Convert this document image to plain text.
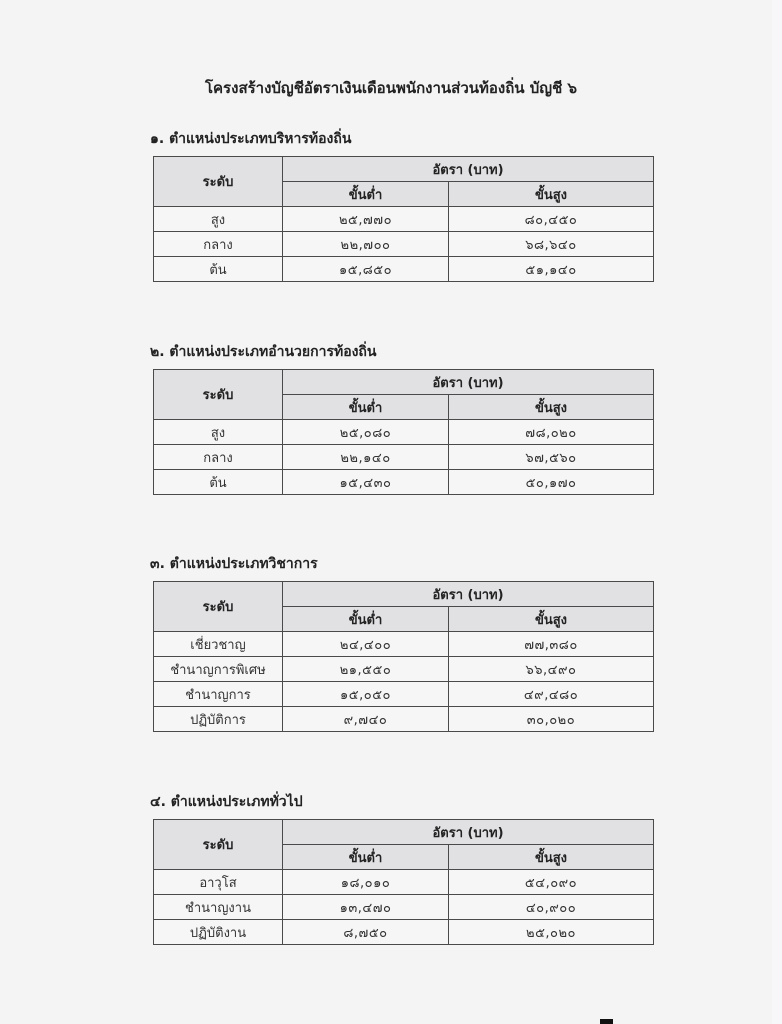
โครงสร้างบัญชีอัตราเงินเดือนพนักงานส่วนท้องถิ่น บัญชี ๖
๑. ตำแหน่งประเภทบริหารท้องถิ่น
ระดับ	อัตรา (บาท)	
	ขั้นต่ำ	ขั้นสูง
สูง	๒๕,๗๗๐	๘๐,๔๕๐
กลาง	๒๒,๗๐๐	๖๘,๖๔๐
ต้น	๑๕,๘๕๐	๕๑,๑๔๐
๒. ตำแหน่งประเภทอำนวยการท้องถิ่น
ระดับ	อัตรา (บาท)	
	ขั้นต่ำ	ขั้นสูง
สูง	๒๕,๐๘๐	๗๘,๐๒๐
กลาง	๒๒,๑๔๐	๖๗,๕๖๐
ต้น	๑๕,๔๓๐	๕๐,๑๗๐
๓. ตำแหน่งประเภทวิชาการ
ระดับ	อัตรา (บาท)	
	ขั้นต่ำ	ขั้นสูง
เชี่ยวชาญ	๒๔,๔๐๐	๗๗,๓๘๐
ชำนาญการพิเศษ	๒๑,๕๕๐	๖๖,๔๙๐
ชำนาญการ	๑๕,๐๕๐	๔๙,๔๘๐
ปฏิบัติการ	๙,๗๔๐	๓๐,๐๒๐
๔. ตำแหน่งประเภททั่วไป
ระดับ	อัตรา (บาท)	
	ขั้นต่ำ	ขั้นสูง
อาวุโส	๑๘,๐๑๐	๕๔,๐๙๐
ชำนาญงาน	๑๓,๔๗๐	๔๐,๙๐๐
ปฏิบัติงาน	๘,๗๕๐	๒๕,๐๒๐
